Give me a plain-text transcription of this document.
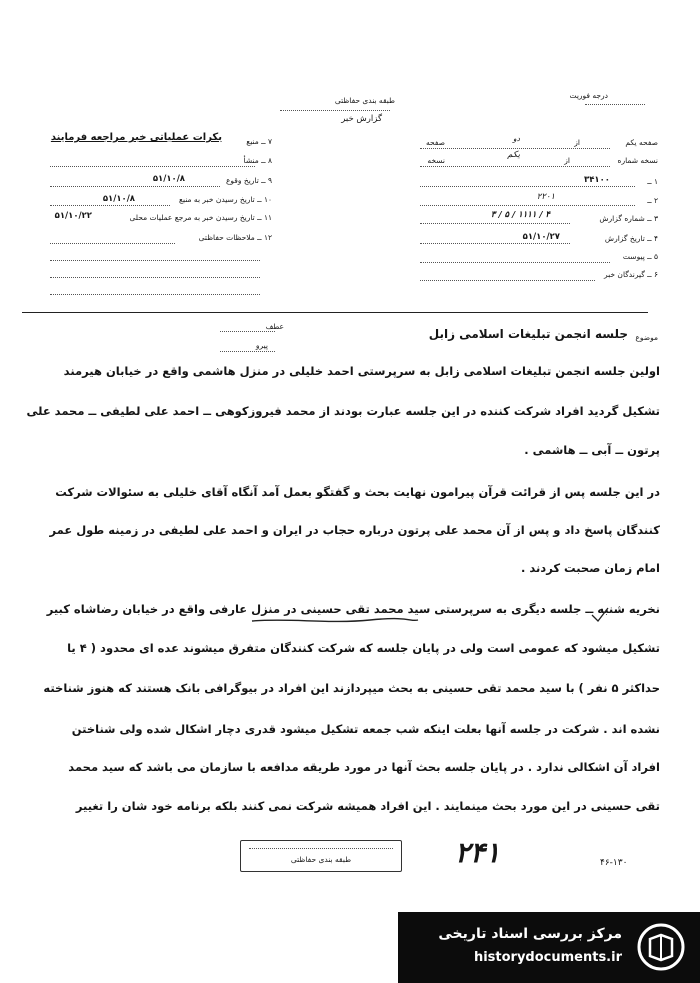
درجه فوریت
طبقه بندی حفاظتی
گزارش خبر
صفحه یکم
از
دو
صفحه
نسخه شماره
از
یکم
نسخه
۱ ــ
۳۴۱۰۰
۲ ــ
۲۲۰۱
۳ ــ شماره گزارش
۴ / ۱۱۱۱ / ۵ / ۳
۴ ــ تاریخ گزارش
۵۱/۱۰/۲۷
۵ ــ پیوست
۶ ــ گیرندگان خبر
۷ ــ منبع
بکرات عملیاتی خبر مراجعه فرمایند
۸ ــ منشأ
۹ ــ تاریخ وقوع
۵۱/۱۰/۸
۱۰ ــ تاریخ رسیدن خبر به منبع
۵۱/۱۰/۸
۱۱ ــ تاریخ رسیدن خبر به مرجع عملیات محلی
۵۱/۱۰/۲۲
۱۲ ــ ملاحظات حفاظتی
عطف
پیرو
موضوع
جلسه انجمن تبلیغات اسلامی زابل
اولین جلسه انجمن تبلیغات اسلامی زابل به سرپرستی احمد خلیلی در منزل هاشمی واقع در خیابان هیرمند
تشکیل گردید افراد شرکت کننده در این جلسه عبارت بودند از محمد فیروزکوهی ــ احمد علی لطیفی ــ محمد علی
پرتون ــ آبی ــ هاشمی .
در این جلسه پس از قرائت قرآن پیرامون نهایت بحث و گفتگو بعمل آمد آنگاه آقای خلیلی به سئوالات شرکت
کنندگان پاسخ داد و پس از آن محمد علی پرتون درباره حجاب در ایران و احمد علی لطیفی در زمینه طول عمر
امام زمان صحبت کردند .
نخریه شنبه ــ جلسه دیگری به سرپرستی سید محمد تقی حسینی در منزل عارفی واقع در خیابان رضاشاه کبیر
تشکیل میشود که عمومی است ولی در پایان جلسه که شرکت کنندگان متفرق میشوند عده ای محدود ( ۴ یا
حداکثر ۵ نفر ) با سید محمد تقی حسینی به بحث میپردازند این افراد در بیوگرافی بانک هستند که هنوز شناخته
نشده اند . شرکت در جلسه آنها بعلت اینکه شب جمعه تشکیل میشود قدری دچار اشکال شده ولی شناختن
افراد آن اشکالی ندارد . در پایان جلسه بحث آنها در مورد طریقه مدافعه با سازمان می باشد که سید محمد
تقی حسینی در این مورد بحث مینمایند . این افراد همیشه شرکت نمی کنند بلکه برنامه خود شان را تغییر
طبقه بندی حفاظتی	۲۴۱	۴۶-۱۳۰
مرکز بررسی اسناد تاریخی
historydocuments.ir
